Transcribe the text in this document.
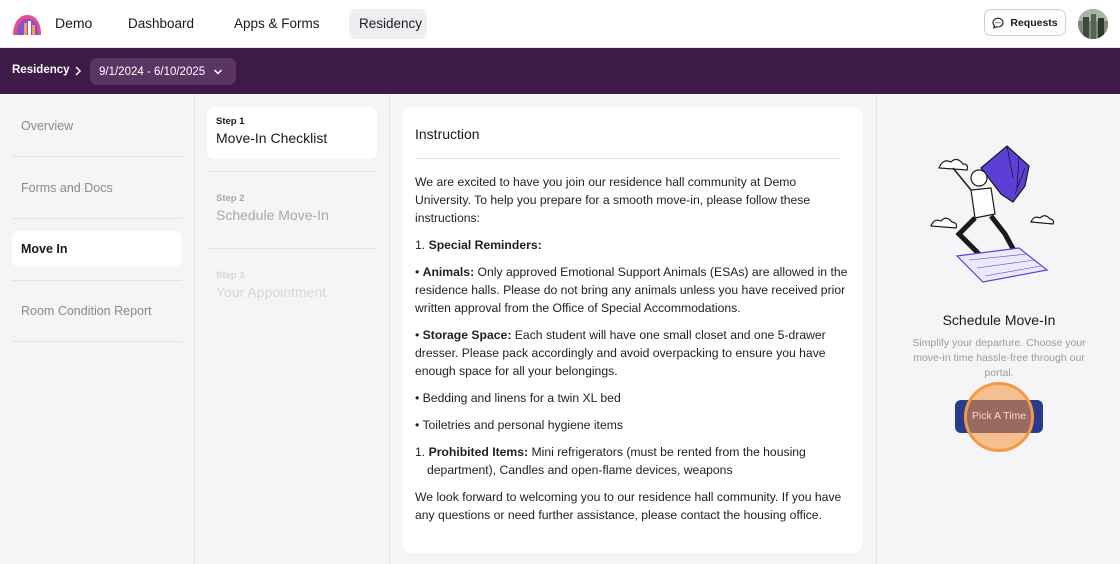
Demo	Dashboard	Apps & Forms	Residency	Requests
Residency	9/1/2024 - 6/10/2025
Overview
Forms and Docs
Move In
Room Condition Report
Step 1
Move-In Checklist
Step 2
Schedule Move-In
Step 3
Your Appointment
Instruction

We are excited to have you join our residence hall community at Demo University. To help you prepare for a smooth move-in, please follow these instructions:

1. Special Reminders:

• Animals: Only approved Emotional Support Animals (ESAs) are allowed in the residence halls. Please do not bring any animals unless you have received prior written approval from the Office of Special Accommodations.

• Storage Space: Each student will have one small closet and one 5-drawer dresser. Please pack accordingly and avoid overpacking to ensure you have enough space for all your belongings.

• Bedding and linens for a twin XL bed

• Toiletries and personal hygiene items

1. Prohibited Items: Mini refrigerators (must be rented from the housing department), Candles and open-flame devices, weapons

We look forward to welcoming you to our residence hall community. If you have any questions or need further assistance, please contact the housing office.

Schedule Move-In
Simplify your departure. Choose your move-in time hassle-free through our portal.
Pick A Time
